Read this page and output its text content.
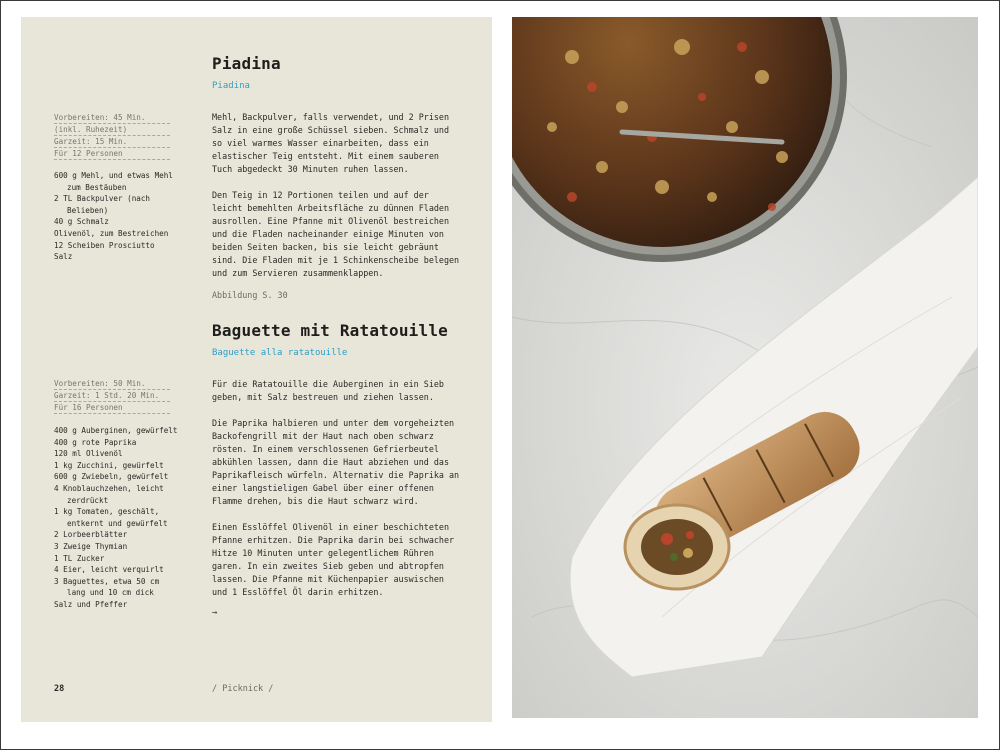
Piadina
Piadina
Vorbereiten: 45 Min.
(inkl. Ruhezeit)
Garzeit: 15 Min.
Für 12 Personen
600 g Mehl, und etwas Mehl zum Bestäuben
2 TL Backpulver (nach Belieben)
40 g Schmalz
Olivenöl, zum Bestreichen
12 Scheiben Prosciutto
Salz

Mehl, Backpulver, falls verwendet, und 2 Prisen Salz in eine große Schüssel sieben. Schmalz und so viel warmes Wasser einarbeiten, dass ein elastischer Teig entsteht. Mit einem sauberen Tuch abgedeckt 30 Minuten ruhen lassen.

Den Teig in 12 Portionen teilen und auf der leicht bemehlten Arbeitsfläche zu dünnen Fladen ausrollen. Eine Pfanne mit Olivenöl bestreichen und die Fladen nacheinander einige Minuten von beiden Seiten backen, bis sie leicht gebräunt sind. Die Fladen mit je 1 Schinkenscheibe belegen und zum Servieren zusammenklappen.

Abbildung S. 30
Baguette mit Ratatouille
Baguette alla ratatouille
Vorbereiten: 50 Min.
Garzeit: 1 Std. 20 Min.
Für 16 Personen
400 g Auberginen, gewürfelt
400 g rote Paprika
120 ml Olivenöl
1 kg Zucchini, gewürfelt
600 g Zwiebeln, gewürfelt
4 Knoblauchzehen, leicht zerdrückt
1 kg Tomaten, geschält, entkernt und gewürfelt
2 Lorbeerblätter
3 Zweige Thymian
1 TL Zucker
4 Eier, leicht verquirlt
3 Baguettes, etwa 50 cm lang und 10 cm dick
Salz und Pfeffer

Für die Ratatouille die Auberginen in ein Sieb geben, mit Salz bestreuen und ziehen lassen.

Die Paprika halbieren und unter dem vorgeheizten Backofengrill mit der Haut nach oben schwarz rösten. In einem verschlossenen Gefrierbeutel abkühlen lassen, dann die Haut abziehen und das Paprikafleisch würfeln. Alternativ die Paprika an einer langstieligen Gabel über einer offenen Flamme drehen, bis die Haut schwarz wird.

Einen Esslöffel Olivenöl in einer beschichteten Pfanne erhitzen. Die Paprika darin bei schwacher Hitze 10 Minuten unter gelegentlichem Rühren garen. In ein zweites Sieb geben und abtropfen lassen. Die Pfanne mit Küchenpapier auswischen und 1 Esslöffel Öl darin erhitzen.

→
28	/ Picknick /
